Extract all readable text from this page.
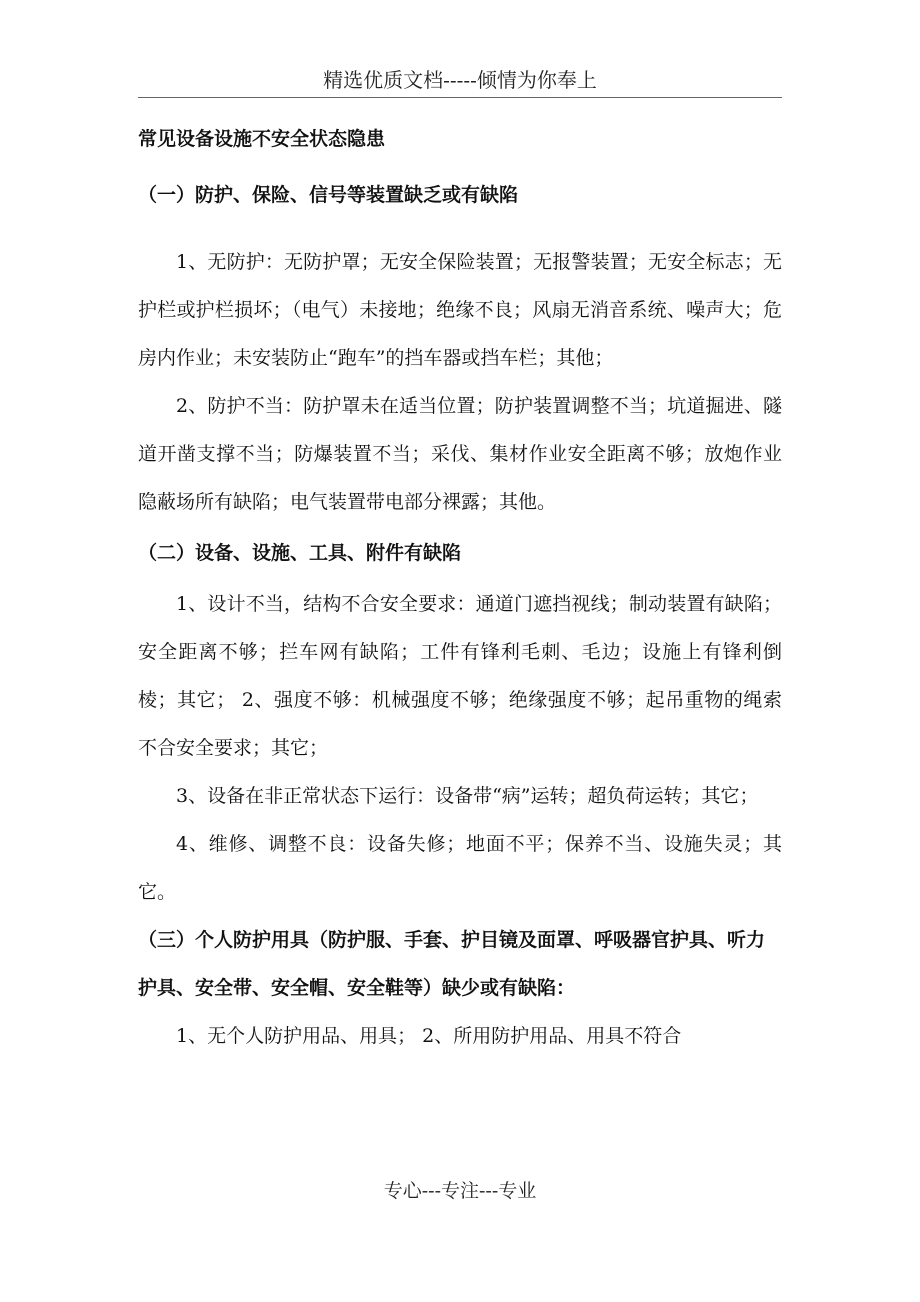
精选优质文档-----倾情为你奉上
常见设备设施不安全状态隐患
（一）防护、保险、信号等装置缺乏或有缺陷

1、无防护：无防护罩；无安全保险装置；无报警装置；无安全标志；无护栏或护栏损坏；（电气）未接地；绝缘不良；风扇无消音系统、噪声大；危房内作业；未安装防止“跑车”的挡车器或挡车栏；其他；

2、防护不当：防护罩未在适当位置；防护装置调整不当；坑道掘进、隧道开凿支撑不当；防爆装置不当；采伐、集材作业安全距离不够；放炮作业隐蔽场所有缺陷；电气装置带电部分裸露；其他。

（二）设备、设施、工具、附件有缺陷

1、设计不当，结构不合安全要求：通道门遮挡视线；制动装置有缺陷；安全距离不够；拦车网有缺陷；工件有锋利毛刺、毛边；设施上有锋利倒棱；其它； 2、强度不够：机械强度不够；绝缘强度不够；起吊重物的绳索不合安全要求；其它；

3、设备在非正常状态下运行：设备带“病”运转；超负荷运转；其它；

4、维修、调整不良：设备失修；地面不平；保养不当、设施失灵；其它。

（三）个人防护用具（防护服、手套、护目镜及面罩、呼吸器官护具、听力护具、安全带、安全帽、安全鞋等）缺少或有缺陷：

1、无个人防护用品、用具； 2、所用防护用品、用具不符合

专心---专注---专业
